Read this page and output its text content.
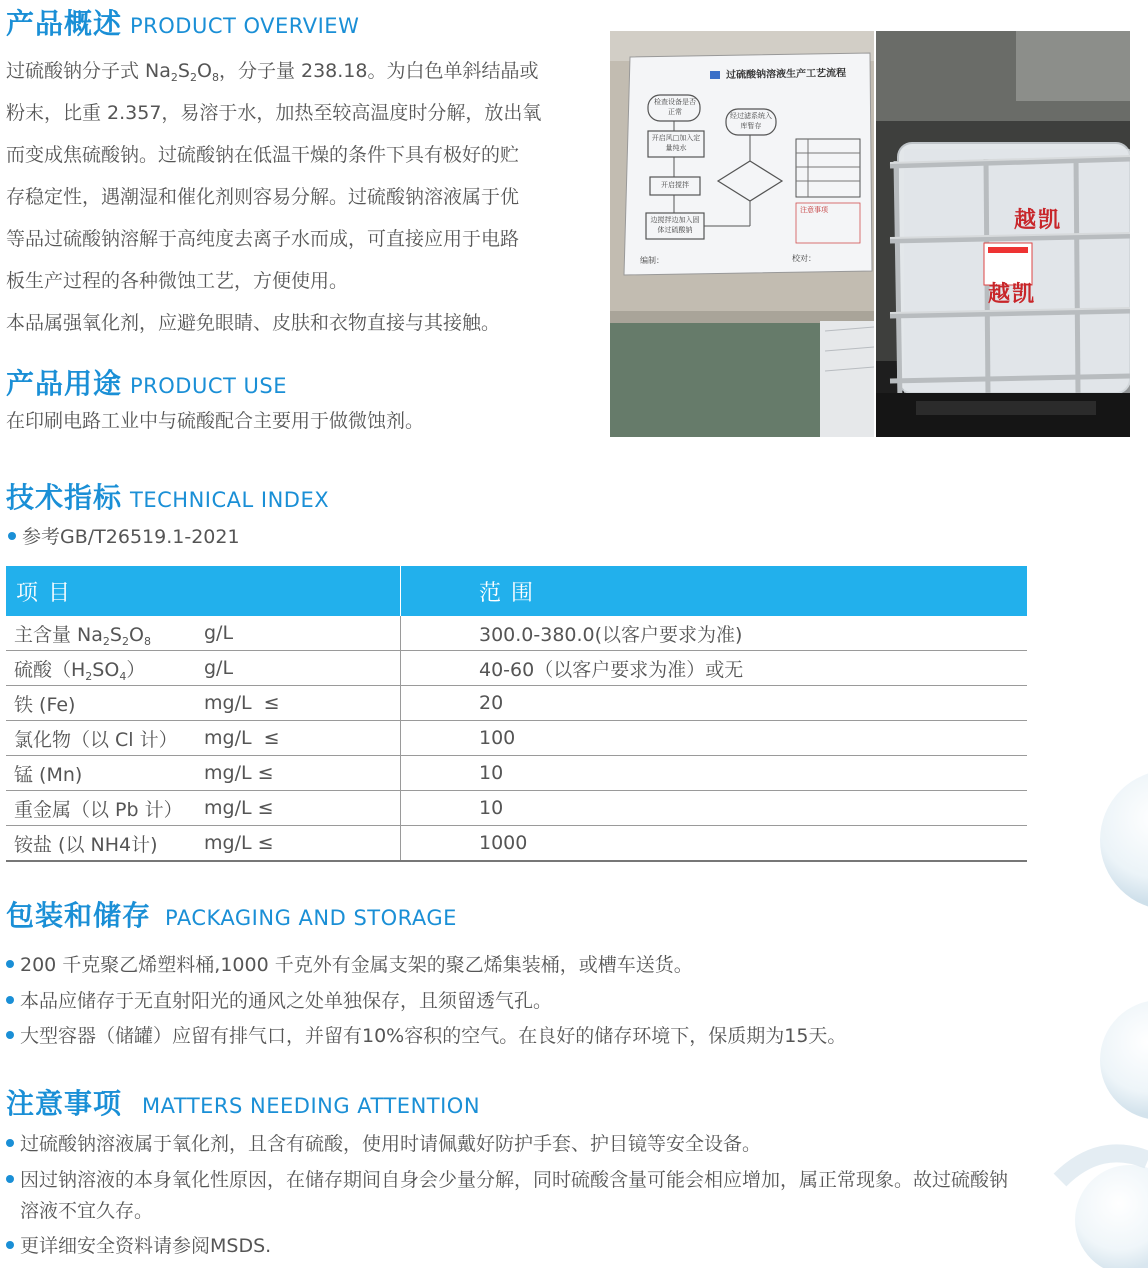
产品概述 PRODUCT OVERVIEW

过硫酸钠分子式 $Na_2S_2O_8$，分子量 238.18。为白色单斜结晶或

粉末，比重 2.357，易溶于水，加热至较高温度时分解，放出氧

而变成焦硫酸钠。过硫酸钠在低温干燥的条件下具有极好的贮

存稳定性，遇潮湿和催化剂则容易分解。过硫酸钠溶液属于优

等品过硫酸钠溶解于高纯度去离子水而成，可直接应用于电路

板生产过程的各种微蚀工艺，方便使用。

本品属强氧化剂，应避免眼睛、皮肤和衣物直接与其接触。

产品用途 PRODUCT USE
在印刷电路工业中与硫酸配合主要用于做微蚀剂。
过硫酸钠溶液生产工艺流程
检查设备是否正常
开启风□加入定量纯水
开启搅拌
边搅拌边加入固体过硫酸钠
经过滤系统入库暂存
注意事项
编制：	校对：
越凯
越凯
技术指标 TECHNICAL INDEX
参考GB/T26519.1-2021
项目		范围
主含量 $Na_2S_2O_8$	g/L	300.0-380.0(以客户要求为准)
硫酸$(H_2SO_4)$	g/L	40-60（以客户要求为准）或无
铁 (Fe)	mg/L  ≤	20
氯化物（以 Cl 计）	mg/L  ≤	100
锰 (Mn)	mg/L ≤	10
重金属（以 Pb 计）	mg/L ≤	10
铵盐 (以 NH4计)	mg/L ≤	1000
包装和储存 PACKAGING AND STORAGE
200 千克聚乙烯塑料桶,1000 千克外有金属支架的聚乙烯集装桶，或槽车送货。
本品应储存于无直射阳光的通风之处单独保存，且须留透气孔。
大型容器（储罐）应留有排气口，并留有10%容积的空气。在良好的储存环境下，保质期为15天。
注意事项 MATTERS NEEDING ATTENTION
过硫酸钠溶液属于氧化剂，且含有硫酸，使用时请佩戴好防护手套、护目镜等安全设备。
因过钠溶液的本身氧化性原因，在储存期间自身会少量分解，同时硫酸含量可能会相应增加，属正常现象。故过硫酸钠
溶液不宜久存。
更详细安全资料请参阅MSDS.
